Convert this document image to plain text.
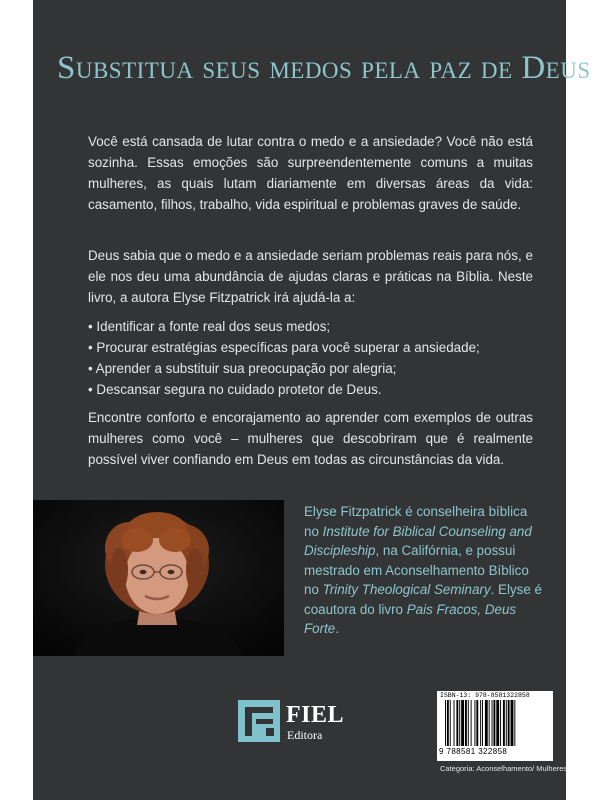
Substitua seus medos pela paz de Deus

Você está cansada de lutar contra o medo e a ansiedade? Você não está sozinha. Essas emoções são surpreendentemente comuns a muitas mulheres, as quais lutam diariamente em diversas áreas da vida: casamento, filhos, trabalho, vida espiritual e problemas graves de saúde.

Deus sabia que o medo e a ansiedade seriam problemas reais para nós, e ele nos deu uma abundância de ajudas claras e práticas na Bíblia. Neste livro, a autora Elyse Fitzpatrick irá ajudá-la a:

• Identificar a fonte real dos seus medos;
• Procurar estratégias específicas para você superar a ansiedade;
• Aprender a substituir sua preocupação por alegria;
• Descansar segura no cuidado protetor de Deus.

Encontre conforto e encorajamento ao aprender com exemplos de outras mulheres como você – mulheres que descobriram que é realmente possível viver confiando em Deus em todas as circunstâncias da vida.

Elyse Fitzpatrick é conselheira bíblica no Institute for Biblical Counseling and Discipleship, na Califórnia, e possui mestrado em Aconselhamento Bíblico no Trinity Theological Seminary. Elyse é coautora do livro Pais Fracos, Deus Forte.

FIEL
Editora
ISBN-13: 978-8581322858
9 788581 322858
Categoria: Aconselhamento/ Mulheres
